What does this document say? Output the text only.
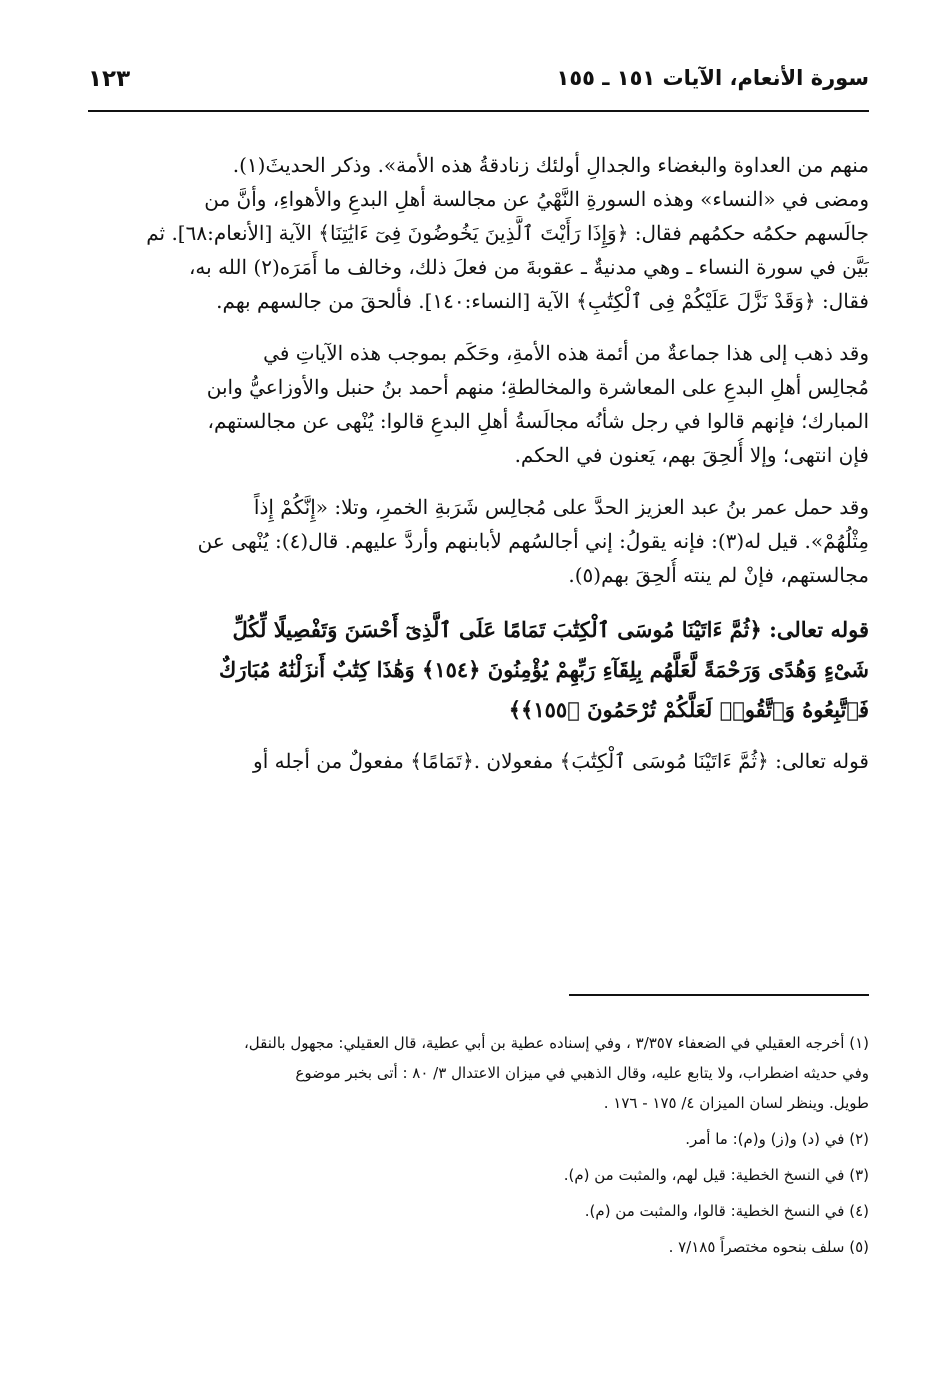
سورة الأنعام، الآيات ١٥١ ـ ١٥٥
١٢٣

منهم من العداوة والبغضاء والجدالِ أولئك زنادقةُ هذه الأمة». وذكر الحديثَ(١).
ومضى في «النساء» وهذه السورةِ النَّهْيُ عن مجالسة أهلِ البدعِ والأهواءِ، وأنَّ من
جالَسهم حكمُه حكمُهم فقال: ﴿وَإِذَا رَأَيْتَ ٱلَّذِينَ يَخُوضُونَ فِىٓ ءَايَٰتِنَا﴾ الآية [الأنعام:٦٨]. ثم
بَيَّن في سورة النساء ـ وهي مدنيةٌ ـ عقوبةَ من فعلَ ذلك، وخالف ما أَمَرَه(٢) الله به،
فقال: ﴿وَقَدْ نَزَّلَ عَلَيْكُمْ فِى ٱلْكِتَٰبِ﴾ الآية [النساء:١٤٠]. فألحقَ من جالسهم بهم.

وقد ذهب إلى هذا جماعةٌ من أئمة هذه الأمةِ، وحَكَم بموجب هذه الآياتِ في
مُجالِس أهلِ البدعِ على المعاشرة والمخالطةِ؛ منهم أحمد بنُ حنبل والأوزاعيُّ وابن
المبارك؛ فإنهم قالوا في رجل شأنُه مجالَسةُ أهلِ البدعِ قالوا: يُنْهى عن مجالستهم،
فإن انتهى؛ وإلا أُلحِقَ بهم، يَعنون في الحكم.

وقد حمل عمر بنُ عبد العزيز الحدَّ على مُجالِس شَرَبةِ الخمرِ، وتلا: «إِنَّكُمْ إِذاً
مِثْلُهُمْ». قيل له(٣): فإنه يقولُ: إني أجالسُهم لأبابنهم وأردَّ عليهم. قال(٤): يُنْهى عن
مجالستهم، فإنْ لم ينته أُلحِقَ بهم(٥).

قوله تعالى: ﴿ثُمَّ ءَاتَيْنَا مُوسَى ٱلْكِتَٰبَ تَمَامًا عَلَى ٱلَّذِىٓ أَحْسَنَ وَتَفْصِيلًا لِّكُلِّ
شَىْءٍ وَهُدًى وَرَحْمَةً لَّعَلَّهُم بِلِقَآءِ رَبِّهِمْ يُؤْمِنُونَ ﴿١٥٤﴾ وَهَٰذَا كِتَٰبٌ أَنزَلْنَٰهُ مُبَارَكٌ
فَٱتَّبِعُوهُ وَٱتَّقُوا۟ لَعَلَّكُمْ تُرْحَمُونَ ﴿١٥٥﴾﴾

قوله تعالى: ﴿ثُمَّ ءَاتَيْنَا مُوسَى ٱلْكِتَٰبَ﴾ مفعولان .﴿تَمَامًا﴾ مفعولٌ من أجله أو

(١) أخرجه العقيلي في الضعفاء ٣/٣٥٧ ، وفي إسناده عطية بن أبي عطية، قال العقيلي: مجهول بالنقل،
وفي حديثه اضطراب، ولا يتابع عليه، وقال الذهبي في ميزان الاعتدال ٣/ ٨٠ : أتى بخبر موضوع
طويل. وينظر لسان الميزان ٤/ ١٧٥ - ١٧٦ .
(٢) في (د) و(ز) و(م): ما أمر.
(٣) في النسخ الخطية: قيل لهم، والمثبت من (م).
(٤) في النسخ الخطية: قالوا، والمثبت من (م).
(٥) سلف بنحوه مختصراً ٧/١٨٥ .
